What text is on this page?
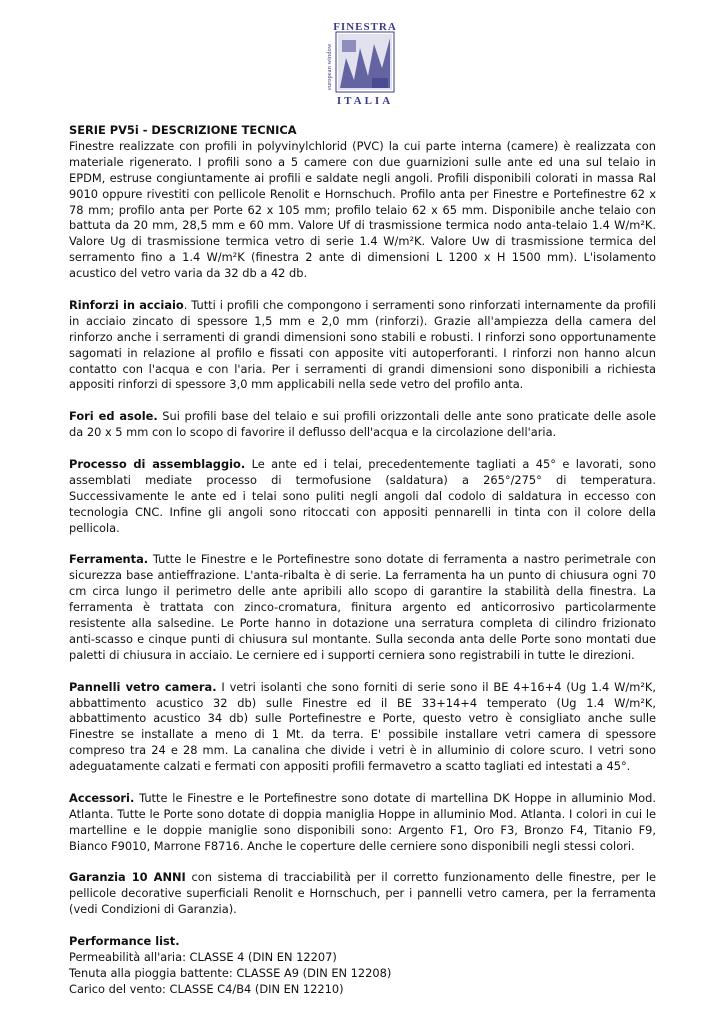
FINESTRA
ITALIA
european window

SERIE PV5i - DESCRIZIONE TECNICA

Finestre realizzate con profili in polyvinylchlorid (PVC) la cui parte interna (camere) è realizzata con materiale rigenerato. I profili sono a 5 camere con due guarnizioni sulle ante ed una sul telaio in EPDM, estruse congiuntamente ai profili e saldate negli angoli. Profili disponibili colorati in massa Ral 9010 oppure rivestiti con pellicole Renolit e Hornschuch. Profilo anta per Finestre e Portefinestre 62 x 78 mm; profilo anta per Porte 62 x 105 mm; profilo telaio 62 x 65 mm. Disponibile anche telaio con battuta da 20 mm, 28,5 mm e 60 mm. Valore Uf di trasmissione termica nodo anta-telaio 1.4 W/m²K. Valore Ug di trasmissione termica vetro di serie 1.4 W/m²K. Valore Uw di trasmissione termica del serramento fino a 1.4 W/m²K (finestra 2 ante di dimensioni L 1200 x H 1500 mm). L'isolamento acustico del vetro varia da 32 db a 42 db.

Rinforzi in acciaio. Tutti i profili che compongono i serramenti sono rinforzati internamente da profili in acciaio zincato di spessore 1,5 mm e 2,0 mm (rinforzi). Grazie all'ampiezza della camera del rinforzo anche i serramenti di grandi dimensioni sono stabili e robusti. I rinforzi sono opportunamente sagomati in relazione al profilo e fissati con apposite viti autoperforanti. I rinforzi non hanno alcun contatto con l'acqua e con l'aria. Per i serramenti di grandi dimensioni sono disponibili a richiesta appositi rinforzi di spessore 3,0 mm applicabili nella sede vetro del profilo anta.

Fori ed asole. Sui profili base del telaio e sui profili orizzontali delle ante sono praticate delle asole da 20 x 5 mm con lo scopo di favorire il deflusso dell'acqua e la circolazione dell'aria.

Processo di assemblaggio. Le ante ed i telai, precedentemente tagliati a 45° e lavorati, sono assemblati mediate processo di termofusione (saldatura) a 265°/275° di temperatura. Successivamente le ante ed i telai sono puliti negli angoli dal codolo di saldatura in eccesso con tecnologia CNC. Infine gli angoli sono ritoccati con appositi pennarelli in tinta con il colore della pellicola.

Ferramenta. Tutte le Finestre e le Portefinestre sono dotate di ferramenta a nastro perimetrale con sicurezza base antieffrazione. L'anta-ribalta è di serie. La ferramenta ha un punto di chiusura ogni 70 cm circa lungo il perimetro delle ante apribili allo scopo di garantire la stabilità della finestra. La ferramenta è trattata con zinco-cromatura, finitura argento ed anticorrosivo particolarmente resistente alla salsedine. Le Porte hanno in dotazione una serratura completa di cilindro frizionato anti-scasso e cinque punti di chiusura sul montante. Sulla seconda anta delle Porte sono montati due paletti di chiusura in acciaio. Le cerniere ed i supporti cerniera sono registrabili in tutte le direzioni.

Pannelli vetro camera. I vetri isolanti che sono forniti di serie sono il BE 4+16+4 (Ug 1.4 W/m²K, abbattimento acustico 32 db) sulle Finestre ed il BE 33+14+4 temperato (Ug 1.4 W/m²K, abbattimento acustico 34 db) sulle Portefinestre e Porte, questo vetro è consigliato anche sulle Finestre se installate a meno di 1 Mt. da terra. E' possibile installare vetri camera di spessore compreso tra 24 e 28 mm. La canalina che divide i vetri è in alluminio di colore scuro. I vetri sono adeguatamente calzati e fermati con appositi profili fermavetro a scatto tagliati ed intestati a 45°.

Accessori. Tutte le Finestre e le Portefinestre sono dotate di martellina DK Hoppe in alluminio Mod. Atlanta. Tutte le Porte sono dotate di doppia maniglia Hoppe in alluminio Mod. Atlanta. I colori in cui le martelline e le doppie maniglie sono disponibili sono: Argento F1, Oro F3, Bronzo F4, Titanio F9, Bianco F9010, Marrone F8716. Anche le coperture delle cerniere sono disponibili negli stessi colori.

Garanzia 10 ANNI con sistema di tracciabilità per il corretto funzionamento delle finestre, per le pellicole decorative superficiali Renolit e Hornschuch, per i pannelli vetro camera, per la ferramenta (vedi Condizioni di Garanzia).

Performance list.

Permeabilità all'aria: CLASSE 4 (DIN EN 12207)

Tenuta alla pioggia battente: CLASSE A9 (DIN EN 12208)

Carico del vento: CLASSE C4/B4 (DIN EN 12210)
